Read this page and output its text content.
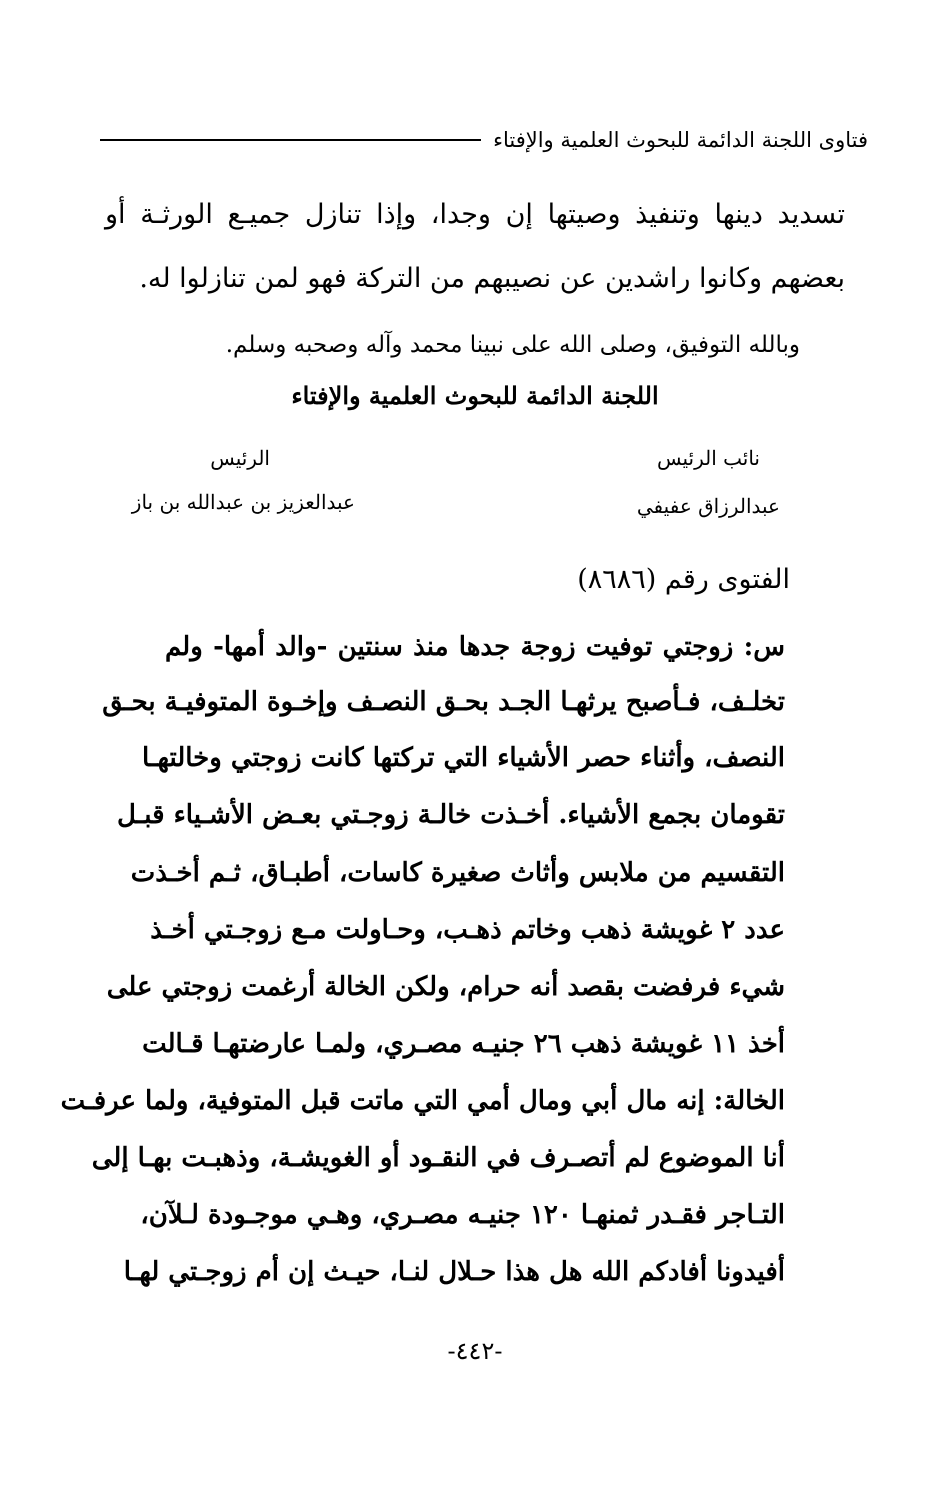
فتاوى اللجنة الدائمة للبحوث العلمية والإفتاء
تسديد دينها وتنفيذ وصيتها إن وجدا، وإذا تنازل جميـع الورثـة أو
بعضهم وكانوا راشدين عن نصيبهم من التركة فهو لمن تنازلوا له.
وبالله التوفيق، وصلى الله على نبينا محمد وآله وصحبه وسلم.
اللجنة الدائمة للبحوث العلمية والإفتاء
نائب الرئيس
الرئيس
عبدالرزاق عفيفي
عبدالعزيز بن عبدالله بن باز
الفتوى رقم (٨٦٨٦)
س: زوجتي توفيت زوجة جدها منذ سنتين -والد أمها- ولم
تخلـف، فـأصبح يرثهـا الجـد بحـق النصـف وإخـوة المتوفيـة بحـق
النصف، وأثناء حصر الأشياء التي تركتها كانت زوجتي وخالتهـا
تقومان بجمع الأشياء. أخـذت خالـة زوجـتي بعـض الأشـياء قبـل
التقسيم من ملابس وأثاث صغيرة كاسات، أطبـاق، ثـم أخـذت
عدد ٢ غويشة ذهب وخاتم ذهـب، وحـاولت مـع زوجـتي أخـذ
شيء فرفضت بقصد أنه حرام، ولكن الخالة أرغمت زوجتي على
أخذ ١١ غويشة ذهب ٢٦ جنيـه مصـري، ولمـا عارضتهـا قـالت
الخالة: إنه مال أبي ومال أمي التي ماتت قبل المتوفية، ولما عرفـت
أنا الموضوع لم أتصـرف في النقـود أو الغويشـة، وذهبـت بهـا إلى
التـاجر فقـدر ثمنهـا ١٢٠ جنيـه مصـري، وهـي موجـودة لـلآن،
أفيدونا أفادكم الله هل هذا حـلال لنـا، حيـث إن أم زوجـتي لهـا
-٤٤٢-
